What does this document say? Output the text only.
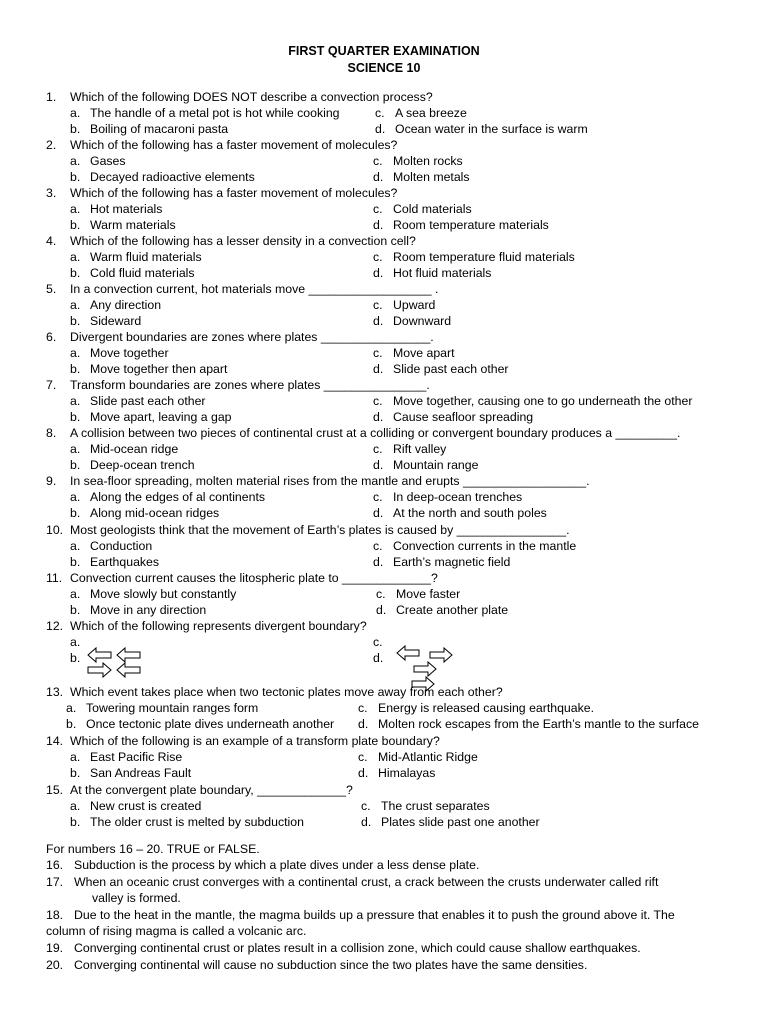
FIRST QUARTER EXAMINATION
SCIENCE 10
1. Which of the following DOES NOT describe a convection process?
a. The handle of a metal pot is hot while cooking
b. Boiling of macaroni pasta
c. A sea breeze
d. Ocean water in the surface is warm
2. Which of the following has a faster movement of molecules?
a. Gases
b. Decayed radioactive elements
c. Molten rocks
d. Molten metals
3. Which of the following has a faster movement of molecules?
a. Hot materials
b. Warm materials
c. Cold materials
d. Room temperature materials
4. Which of the following has a lesser density in a convection cell?
a. Warm fluid materials
b. Cold fluid materials
c. Room temperature fluid materials
d. Hot fluid materials
5. In a convection current, hot materials move __________________ .
a. Any direction
b. Sideward
c. Upward
d. Downward
6. Divergent boundaries are zones where plates ________________.
a. Move together
b. Move together then apart
c. Move apart
d. Slide past each other
7. Transform boundaries are zones where plates _______________.
a. Slide past each other
b. Move apart, leaving a gap
c. Move together, causing one to go underneath the other
d. Cause seafloor spreading
8. A collision between two pieces of continental crust at a colliding or convergent boundary produces a _________.
a. Mid-ocean ridge
b. Deep-ocean trench
c. Rift valley
d. Mountain range
9. In sea-floor spreading, molten material rises from the mantle and erupts __________________.
a. Along the edges of al continents
b. Along mid-ocean ridges
c. In deep-ocean trenches
d. At the north and south poles
10. Most geologists think that the movement of Earth’s plates is caused by ________________.
a. Conduction
b. Earthquakes
c. Convection currents in the mantle
d. Earth’s magnetic field
11. Convection current causes the litospheric plate to _____________?
a. Move slowly but constantly
b. Move in any direction
c. Move faster
d. Create another plate
12. Which of the following represents divergent boundary?
a.
b.
c.
d.
13. Which event takes place when two tectonic plates move away from each other?
a. Towering mountain ranges form
b. Once tectonic plate dives underneath another
c. Energy is released causing earthquake.
d. Molten rock escapes from the Earth’s mantle to the surface
14. Which of the following is an example of a transform plate boundary?
a. East Pacific Rise
b. San Andreas Fault
c. Mid-Atlantic Ridge
d. Himalayas
15. At the convergent plate boundary, _____________?
a. New crust is created
b. The older crust is melted by subduction
c. The crust separates
d. Plates slide past one another
For numbers 16 – 20. TRUE or FALSE.
16. Subduction is the process by which a plate dives under a less dense plate.
17. When an oceanic crust converges with a continental crust, a crack between the crusts underwater called rift
valley is formed.
18. Due to the heat in the mantle, the magma builds up a pressure that enables it to push the ground above it. The
column of rising magma is called a volcanic arc.
19. Converging continental crust or plates result in a collision zone, which could cause shallow earthquakes.
20. Converging continental will cause no subduction since the two plates have the same densities.
